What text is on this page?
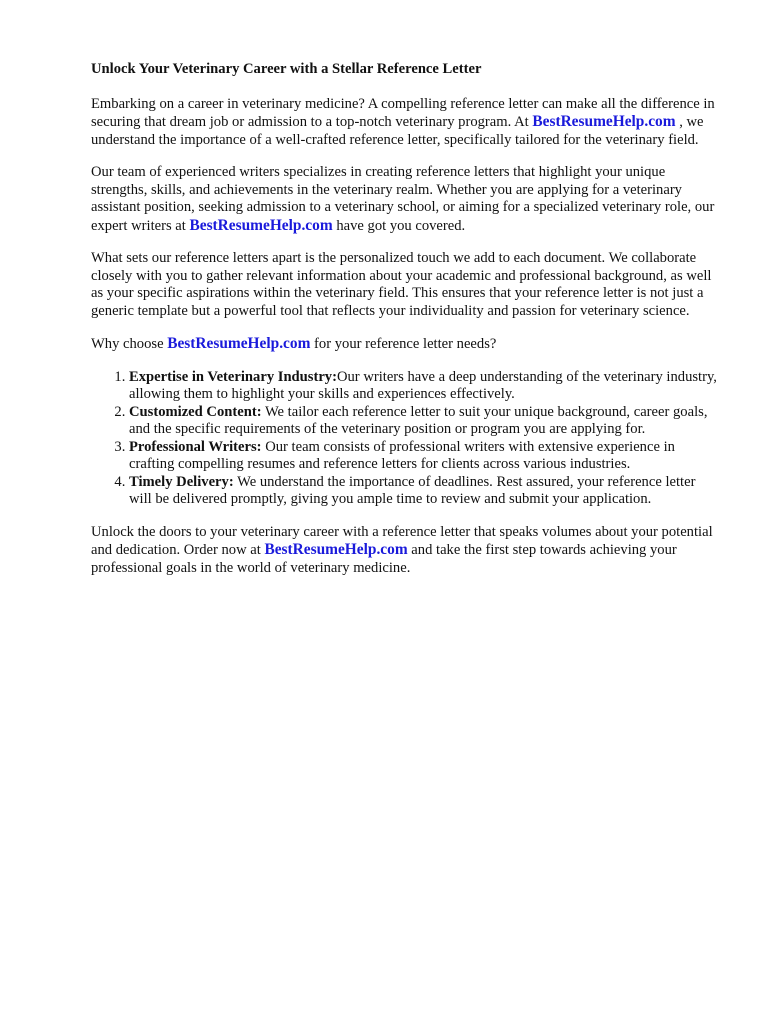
Unlock Your Veterinary Career with a Stellar Reference Letter

Embarking on a career in veterinary medicine? A compelling reference letter can make all the difference in securing that dream job or admission to a top-notch veterinary program. At BestResumeHelp.com , we understand the importance of a well-crafted reference letter, specifically tailored for the veterinary field.

Our team of experienced writers specializes in creating reference letters that highlight your unique strengths, skills, and achievements in the veterinary realm. Whether you are applying for a veterinary assistant position, seeking admission to a veterinary school, or aiming for a specialized veterinary role, our expert writers at BestResumeHelp.com have got you covered.

What sets our reference letters apart is the personalized touch we add to each document. We collaborate closely with you to gather relevant information about your academic and professional background, as well as your specific aspirations within the veterinary field. This ensures that your reference letter is not just a generic template but a powerful tool that reflects your individuality and passion for veterinary science.

Why choose BestResumeHelp.com for your reference letter needs?

1. Expertise in Veterinary Industry:Our writers have a deep understanding of the veterinary industry, allowing them to highlight your skills and experiences effectively.
2. Customized Content: We tailor each reference letter to suit your unique background, career goals, and the specific requirements of the veterinary position or program you are applying for.
3. Professional Writers: Our team consists of professional writers with extensive experience in crafting compelling resumes and reference letters for clients across various industries.
4. Timely Delivery: We understand the importance of deadlines. Rest assured, your reference letter will be delivered promptly, giving you ample time to review and submit your application.

Unlock the doors to your veterinary career with a reference letter that speaks volumes about your potential and dedication. Order now at BestResumeHelp.com and take the first step towards achieving your professional goals in the world of veterinary medicine.
